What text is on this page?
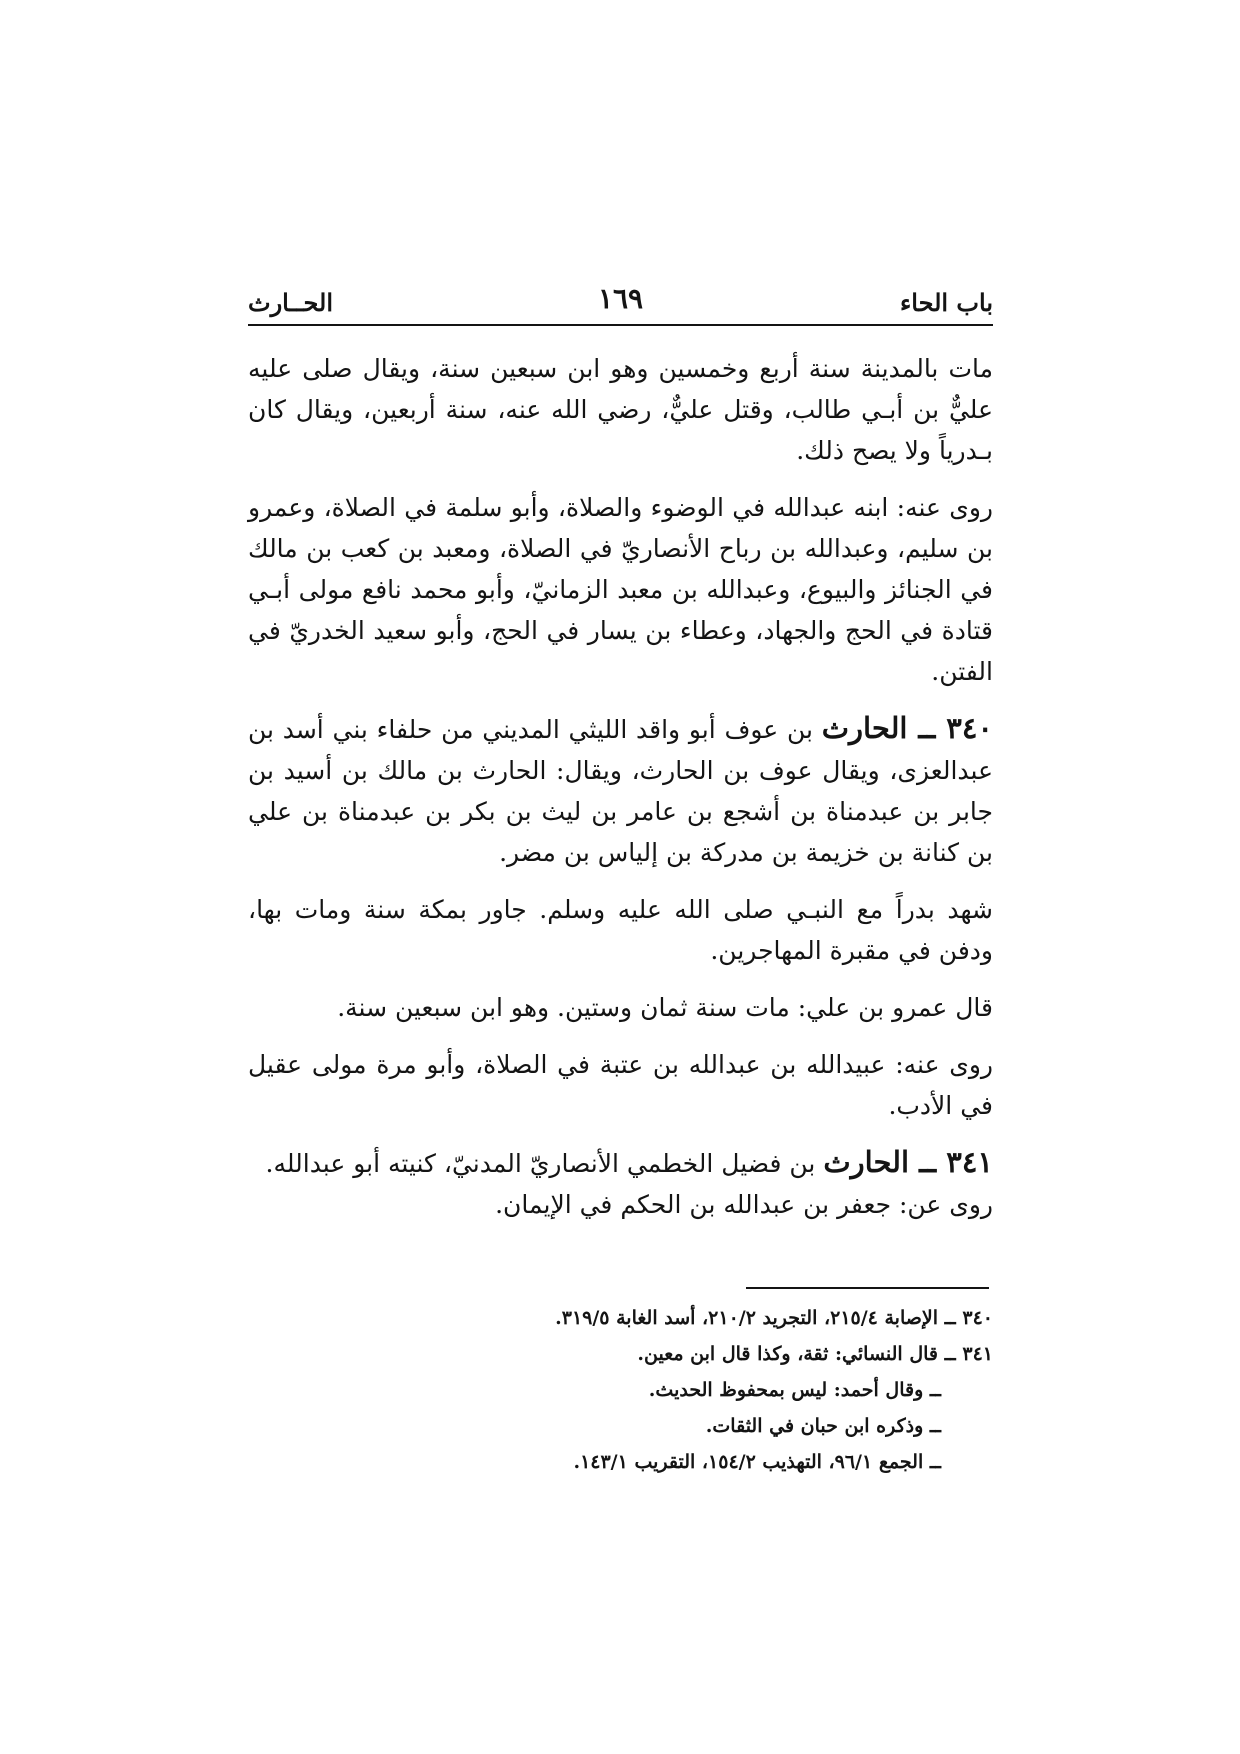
باب الحاء
١٦٩
الحــارث

مات بالمدينة سنة أربع وخمسين وهو ابن سبعين سنة، ويقال صلى عليه عليٌّ بن أبـي طالب، وقتل عليٌّ، رضي الله عنه، سنة أربعين، ويقال كان بـدرياً ولا يصح ذلك.

روى عنه: ابنه عبدالله في الوضوء والصلاة، وأبو سلمة في الصلاة، وعمرو بن سليم، وعبدالله بن رباح الأنصاريّ في الصلاة، ومعبد بن كعب بن مالك في الجنائز والبيوع، وعبدالله بن معبد الزمانيّ، وأبو محمد نافع مولى أبـي قتادة في الحج والجهاد، وعطاء بن يسار في الحج، وأبو سعيد الخدريّ في الفتن.

٣٤٠ ــ الحارث بن عوف أبو واقد الليثي المديني من حلفاء بني أسد بن عبدالعزى، ويقال عوف بن الحارث، ويقال: الحارث بن مالك بن أسيد بن جابر بن عبدمناة بن أشجع بن عامر بن ليث بن بكر بن عبدمناة بن علي بن كنانة بن خزيمة بن مدركة بن إلياس بن مضر.

شهد بدراً مع النبـي صلى الله عليه وسلم. جاور بمكة سنة ومات بها، ودفن في مقبرة المهاجرين.

قال عمرو بن علي: مات سنة ثمان وستين. وهو ابن سبعين سنة.

روى عنه: عبيدالله بن عبدالله بن عتبة في الصلاة، وأبو مرة مولى عقيل في الأدب.

٣٤١ ــ الحارث بن فضيل الخطمي الأنصاريّ المدنيّ، كنيته أبو عبدالله.
روى عن: جعفر بن عبدالله بن الحكم في الإيمان.

٣٤٠ ــ الإصابة ٢١٥/٤، التجريد ٢١٠/٢، أسد الغابة ٣١٩/٥.

٣٤١ ــ قال النسائي: ثقة، وكذا قال ابن معين.

ــ وقال أحمد: ليس بمحفوظ الحديث.

ــ وذكره ابن حبان في الثقات.

ــ الجمع ٩٦/١، التهذيب ١٥٤/٢، التقريب ١٤٣/١.
